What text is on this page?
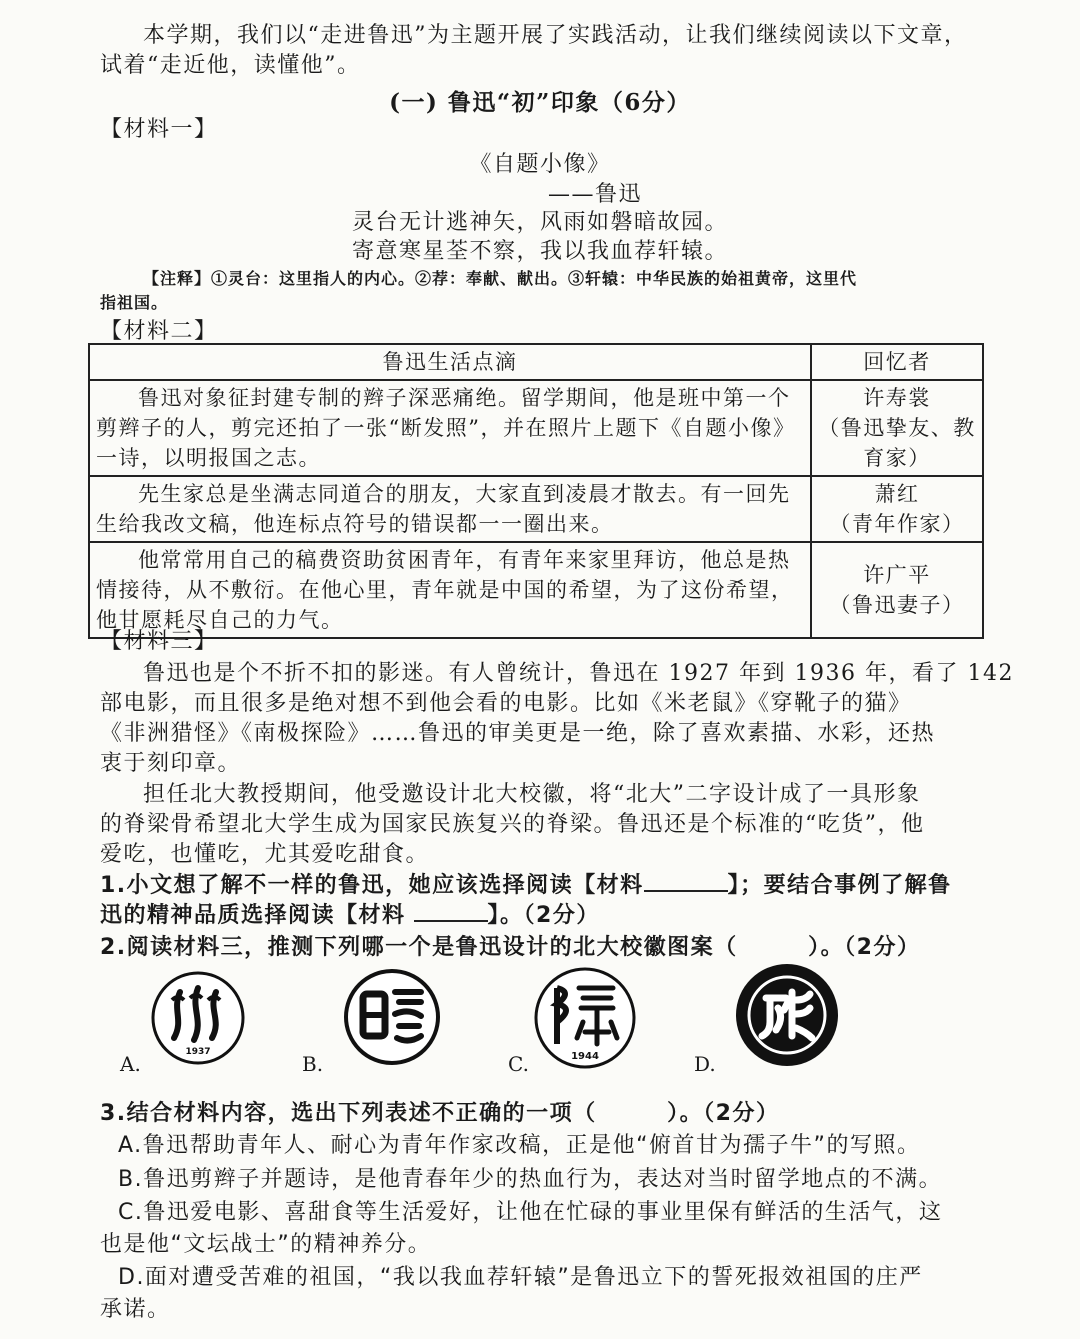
本学期，我们以“走进鲁迅”为主题开展了实践活动，让我们继续阅读以下文章，
试着“走近他，读懂他”。
(一) 鲁迅“初”印象（6分）
【材料一】
《自题小像》
——鲁迅
灵台无计逃神矢，风雨如磐暗故园。
寄意寒星荃不察，我以我血荐轩辕。
【注释】①灵台：这里指人的内心。②荐：奉献、献出。③轩辕：中华民族的始祖黄帝，这里代
指祖国。
【材料二】
鲁迅生活点滴	回忆者
鲁迅对象征封建专制的辫子深恶痛绝。留学期间，他是班中第一个剪辫子的人，剪完还拍了一张“断发照”，并在照片上题下《自题小像》一诗，以明报国之志。	许寿裳
（鲁迅挚友、教育家）

先生家总是坐满志同道合的朋友，大家直到凌晨才散去。有一回先生给我改文稿，他连标点符号的错误都一一圈出来。	萧红
（青年作家）

他常常用自己的稿费资助贫困青年，有青年来家里拜访，他总是热情接待，从不敷衍。在他心里，青年就是中国的希望，为了这份希望，他甘愿耗尽自己的力气。	许广平
（鲁迅妻子）
【材料三】
鲁迅也是个不折不扣的影迷。有人曾统计，鲁迅在 1927 年到 1936 年，看了 142
部电影，而且很多是绝对想不到他会看的电影。比如《米老鼠》《穿靴子的猫》
《非洲猎怪》《南极探险》……鲁迅的审美更是一绝，除了喜欢素描、水彩，还热
衷于刻印章。
担任北大教授期间，他受邀设计北大校徽，将“北大”二字设计成了一具形象
的脊梁骨希望北大学生成为国家民族复兴的脊梁。鲁迅还是个标准的“吃货”，他
爱吃，也懂吃，尤其爱吃甜食。
1.小文想了解不一样的鲁迅，她应该选择阅读【材料	】；要结合事例了解鲁
迅的精神品质选择阅读【材料	】。（2分）
2.阅读材料三，推测下列哪一个是鲁迅设计的北大校徽图案（　　　）。（2分）
1937
A.	B.	1944
C.	D.
3.结合材料内容，选出下列表述不正确的一项（　　　）。（2分）
A.鲁迅帮助青年人、耐心为青年作家改稿，正是他“俯首甘为孺子牛”的写照。
B.鲁迅剪辫子并题诗，是他青春年少的热血行为，表达对当时留学地点的不满。
C.鲁迅爱电影、喜甜食等生活爱好，让他在忙碌的事业里保有鲜活的生活气，这
也是他“文坛战士”的精神养分。
D.面对遭受苦难的祖国，“我以我血荐轩辕”是鲁迅立下的誓死报效祖国的庄严
承诺。
